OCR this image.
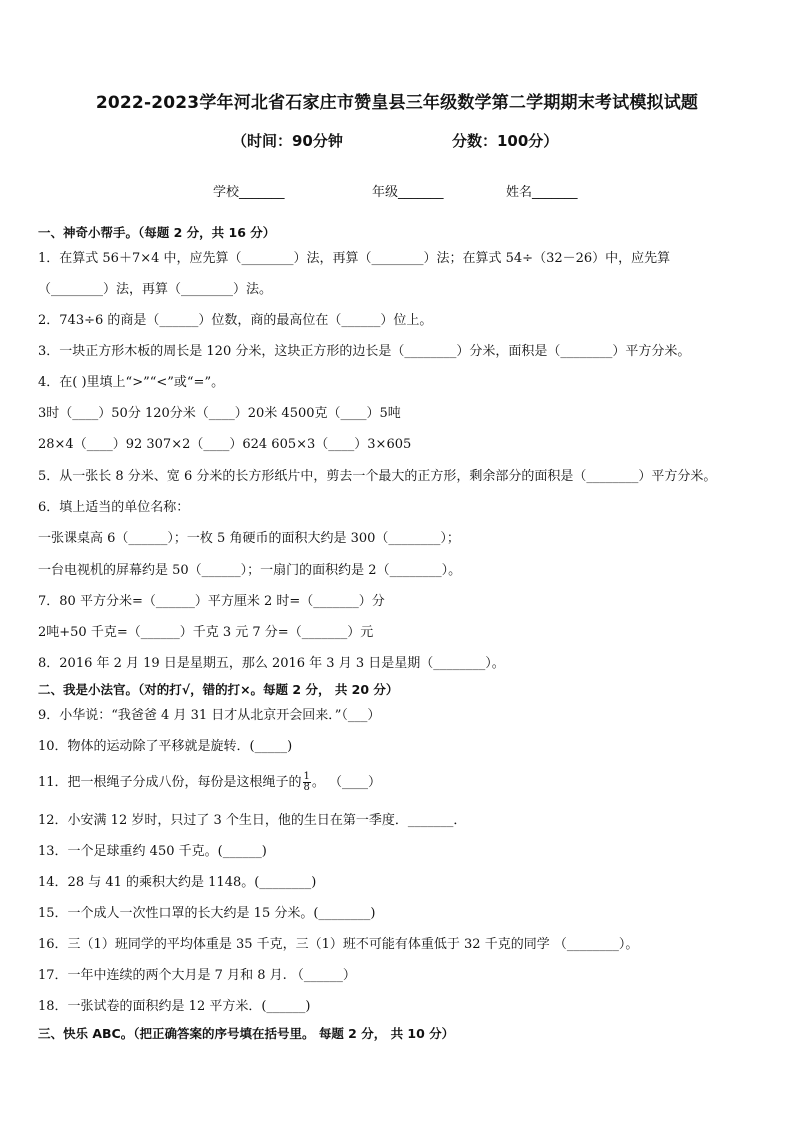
2022-2023学年河北省石家庄市赞皇县三年级数学第二学期期末考试模拟试题
（时间：90分钟	分数：100分）
学校_______	年级_______	姓名_______
一、神奇小帮手。（每题 2 分，共 16 分）
1．在算式 56＋7×4 中，应先算（________）法，再算（________）法；在算式 54÷（32－26）中，应先算
（________）法，再算（________）法。
2．743÷6 的商是（______）位数，商的最高位在（______）位上。
3．一块正方形木板的周长是 120 分米，这块正方形的边长是（________）分米，面积是（________）平方分米。
4．在( )里填上“>”“<”或“=”。
3时（____）50分 120分米（____）20米 4500克（____）5吨
28×4（____）92 307×2（____）624 605×3（____）3×605
5．从一张长 8 分米、宽 6 分米的长方形纸片中，剪去一个最大的正方形，剩余部分的面积是（________）平方分米。
6．填上适当的单位名称：
一张课桌高 6（______）；一枚 5 角硬币的面积大约是 300（________）；
一台电视机的屏幕约是 50（______）；一扇门的面积约是 2（________）。
7．80 平方分米=（______）平方厘米 2 时=（_______）分
2吨+50 千克=（______）千克 3 元 7 分=（_______）元
8．2016 年 2 月 19 日是星期五，那么 2016 年 3 月 3 日是星期（________）。
二、我是小法官。（对的打√，错的打×。每题 2 分， 共 20 分）
9．小华说：“我爸爸 4 月 31 日才从北京开会回来．”（___）
10．物体的运动除了平移就是旋转．(_____)
11．把一根绳子分成八份，每份是这根绳子的 $\frac{1}{8}$ 。 （____）
12．小安满 12 岁时，只过了 3 个生日，他的生日在第一季度．_______．
13．一个足球重约 450 千克。(______)
14．28 与 41 的乘积大约是 1148。(________)
15．一个成人一次性口罩的长大约是 15 分米。(________)
16．三（1）班同学的平均体重是 35 千克，三（1）班不可能有体重低于 32 千克的同学 （________）。
17．一年中连续的两个大月是 7 月和 8 月. （______）
18．一张试卷的面积约是 12 平方米．(______)
三、快乐 ABC。（把正确答案的序号填在括号里。 每题 2 分， 共 10 分）
